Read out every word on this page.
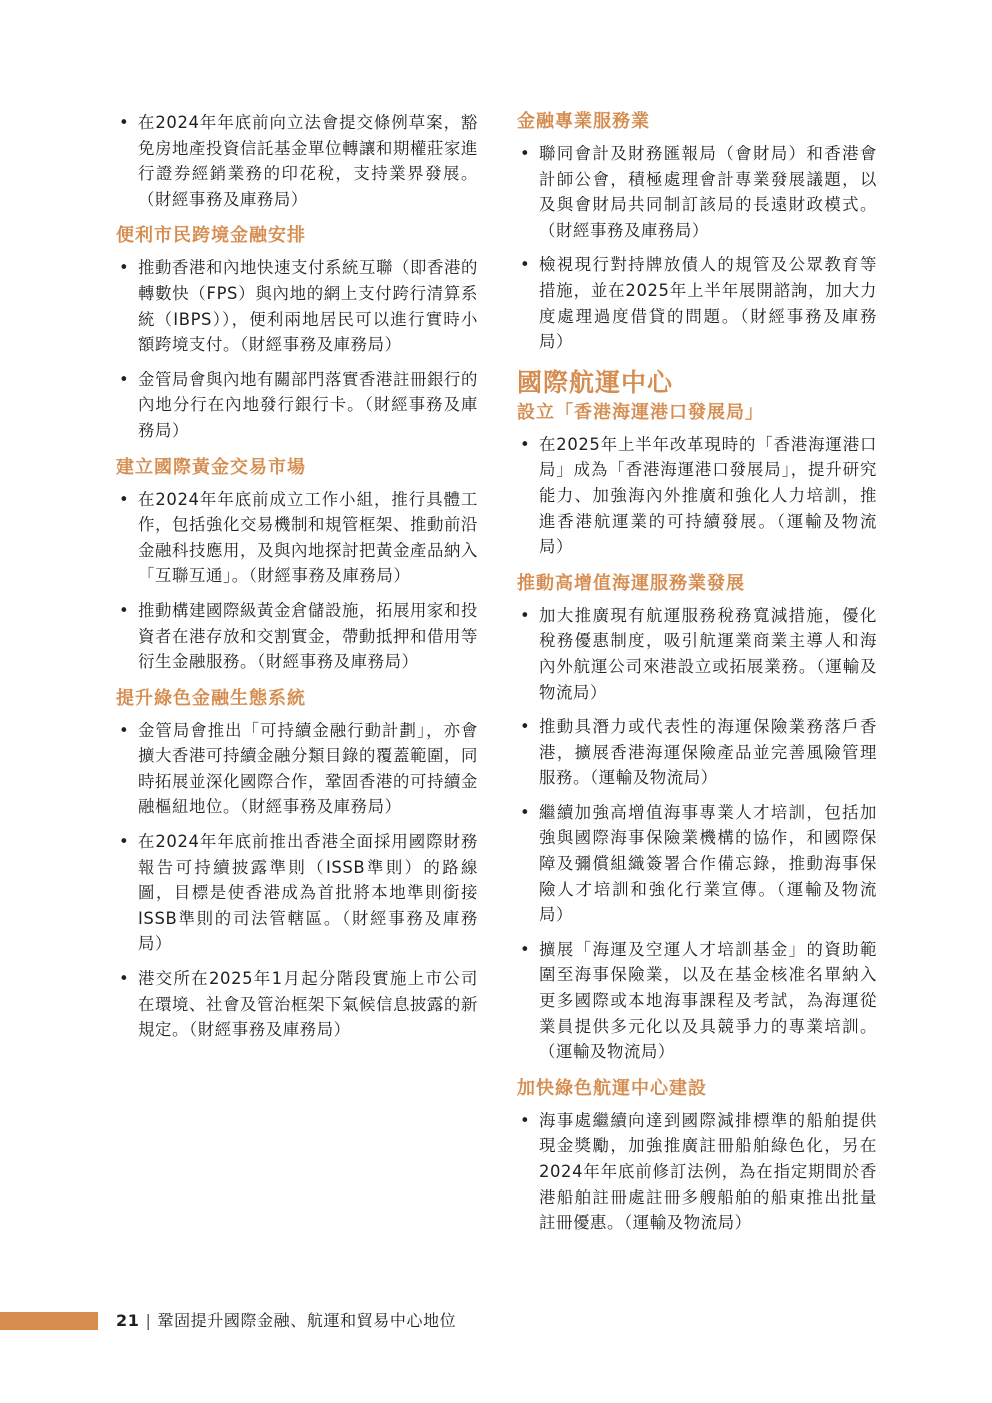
• 在2024年年底前向立法會提交條例草案，豁免房地產投資信託基金單位轉讓和期權莊家進行證券經銷業務的印花稅，支持業界發展。（財經事務及庫務局）
便利市民跨境金融安排
• 推動香港和內地快速支付系統互聯（即香港的轉數快（FPS）與內地的網上支付跨行清算系統（IBPS）），便利兩地居民可以進行實時小額跨境支付。（財經事務及庫務局）
• 金管局會與內地有關部門落實香港註冊銀行的內地分行在內地發行銀行卡。（財經事務及庫務局）
建立國際黃金交易市場
• 在2024年年底前成立工作小組，推行具體工作，包括強化交易機制和規管框架、推動前沿金融科技應用，及與內地探討把黃金產品納入「互聯互通」。（財經事務及庫務局）
• 推動構建國際級黃金倉儲設施，拓展用家和投資者在港存放和交割實金，帶動抵押和借用等衍生金融服務。（財經事務及庫務局）
提升綠色金融生態系統
• 金管局會推出「可持續金融行動計劃」，亦會擴大香港可持續金融分類目錄的覆蓋範圍，同時拓展並深化國際合作，鞏固香港的可持續金融樞紐地位。（財經事務及庫務局）
• 在2024年年底前推出香港全面採用國際財務報告可持續披露準則（ISSB準則）的路線圖，目標是使香港成為首批將本地準則銜接ISSB準則的司法管轄區。（財經事務及庫務局）
• 港交所在2025年1月起分階段實施上市公司在環境、社會及管治框架下氣候信息披露的新規定。（財經事務及庫務局）
金融專業服務業
• 聯同會計及財務匯報局（會財局）和香港會計師公會，積極處理會計專業發展議題，以及與會財局共同制訂該局的長遠財政模式。（財經事務及庫務局）
• 檢視現行對持牌放債人的規管及公眾教育等措施，並在2025年上半年展開諮詢，加大力度處理過度借貸的問題。（財經事務及庫務局）
國際航運中心
設立「香港海運港口發展局」
• 在2025年上半年改革現時的「香港海運港口局」成為「香港海運港口發展局」，提升研究能力、加強海內外推廣和強化人力培訓，推進香港航運業的可持續發展。（運輸及物流局）
推動高增值海運服務業發展
• 加大推廣現有航運服務稅務寬減措施，優化稅務優惠制度，吸引航運業商業主導人和海內外航運公司來港設立或拓展業務。（運輸及物流局）
• 推動具潛力或代表性的海運保險業務落戶香港，擴展香港海運保險產品並完善風險管理服務。（運輸及物流局）
• 繼續加強高增值海事專業人才培訓，包括加強與國際海事保險業機構的協作，和國際保障及彌償組織簽署合作備忘錄，推動海事保險人才培訓和強化行業宣傳。（運輸及物流局）
• 擴展「海運及空運人才培訓基金」的資助範圍至海事保險業，以及在基金核准名單納入更多國際或本地海事課程及考試，為海運從業員提供多元化以及具競爭力的專業培訓。（運輸及物流局）
加快綠色航運中心建設
• 海事處繼續向達到國際減排標準的船舶提供現金獎勵，加強推廣註冊船舶綠色化，另在2024年年底前修訂法例，為在指定期間於香港船舶註冊處註冊多艘船舶的船東推出批量註冊優惠。（運輸及物流局）
21 | 鞏固提升國際金融、航運和貿易中心地位
